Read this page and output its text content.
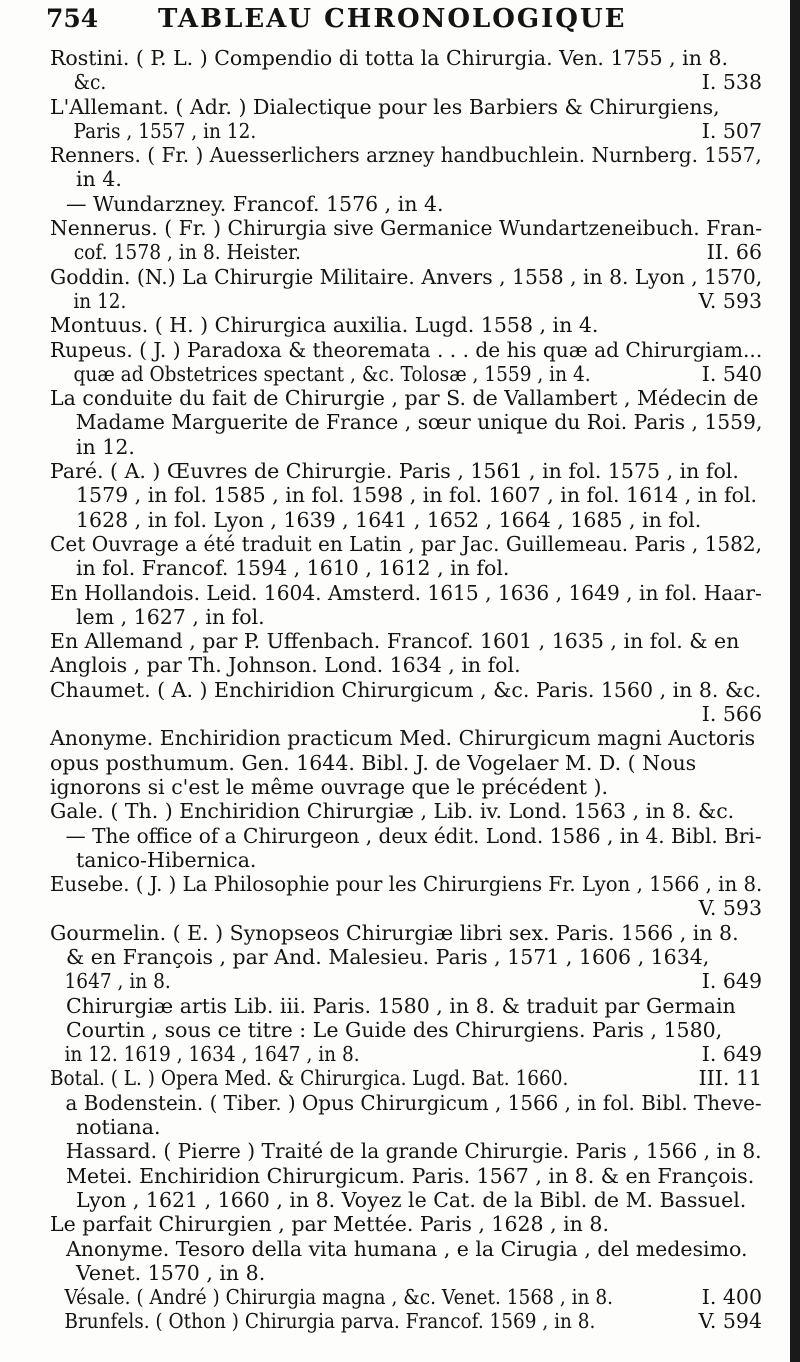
754	TABLEAU CHRONOLOGIQUE
Rostini. ( P. L. ) Compendio di totta la Chirurgia. Ven. 1755 , in 8.
&c.	I. 538
L'Allemant. ( Adr. ) Dialectique pour les Barbiers & Chirurgiens,
Paris , 1557 , in 12.	I. 507
Renners. ( Fr. ) Auesserlichers arzney handbuchlein. Nurnberg. 1557,
in 4.
— Wundarzney. Francof. 1576 , in 4.
Nennerus. ( Fr. ) Chirurgia sive Germanice Wundartzeneibuch. Fran-
cof. 1578 , in 8. Heister.	II. 66
Goddin. (N.) La Chirurgie Militaire. Anvers , 1558 , in 8. Lyon , 1570,
in 12.	V. 593
Montuus. ( H. ) Chirurgica auxilia. Lugd. 1558 , in 4.
Rupeus. ( J. ) Paradoxa & theoremata . . . de his quæ ad Chirurgiam...
quæ ad Obstetrices spectant , &c. Tolosæ , 1559 , in 4.	I. 540
La conduite du fait de Chirurgie , par S. de Vallambert , Médecin de
Madame Marguerite de France , sœur unique du Roi. Paris , 1559,
in 12.
Paré. ( A. ) Œuvres de Chirurgie. Paris , 1561 , in fol. 1575 , in fol.
1579 , in fol. 1585 , in fol. 1598 , in fol. 1607 , in fol. 1614 , in fol.
1628 , in fol. Lyon , 1639 , 1641 , 1652 , 1664 , 1685 , in fol.
Cet Ouvrage a été traduit en Latin , par Jac. Guillemeau. Paris , 1582,
in fol. Francof. 1594 , 1610 , 1612 , in fol.
En Hollandois. Leid. 1604. Amsterd. 1615 , 1636 , 1649 , in fol. Haar-
lem , 1627 , in fol.
En Allemand , par P. Uffenbach. Francof. 1601 , 1635 , in fol. & en
Anglois , par Th. Johnson. Lond. 1634 , in fol.
Chaumet. ( A. ) Enchiridion Chirurgicum , &c. Paris. 1560 , in 8. &c.
I. 566
Anonyme. Enchiridion practicum Med. Chirurgicum magni Auctoris
opus posthumum. Gen. 1644. Bibl. J. de Vogelaer M. D. ( Nous
ignorons si c'est le même ouvrage que le précédent ).
Gale. ( Th. ) Enchiridion Chirurgiæ , Lib. iv. Lond. 1563 , in 8. &c.
— The office of a Chirurgeon , deux édit. Lond. 1586 , in 4. Bibl. Bri-
tanico-Hibernica.
Eusebe. ( J. ) La Philosophie pour les Chirurgiens Fr. Lyon , 1566 , in 8.
V. 593
Gourmelin. ( E. ) Synopseos Chirurgiæ libri sex. Paris. 1566 , in 8.
& en François , par And. Malesieu. Paris , 1571 , 1606 , 1634,
1647 , in 8.	I. 649
Chirurgiæ artis Lib. iii. Paris. 1580 , in 8. & traduit par Germain
Courtin , sous ce titre : Le Guide des Chirurgiens. Paris , 1580,
in 12. 1619 , 1634 , 1647 , in 8.	I. 649
Botal. ( L. ) Opera Med. & Chirurgica. Lugd. Bat. 1660.	III. 11
a Bodenstein. ( Tiber. ) Opus Chirurgicum , 1566 , in fol. Bibl. Theve-
notiana.
Hassard. ( Pierre ) Traité de la grande Chirurgie. Paris , 1566 , in 8.
Metei. Enchiridion Chirurgicum. Paris. 1567 , in 8. & en François.
Lyon , 1621 , 1660 , in 8. Voyez le Cat. de la Bibl. de M. Bassuel.
Le parfait Chirurgien , par Mettée. Paris , 1628 , in 8.
Anonyme. Tesoro della vita humana , e la Cirugia , del medesimo.
Venet. 1570 , in 8.
Vésale. ( André ) Chirurgia magna , &c. Venet. 1568 , in 8.	I. 400
Brunfels. ( Othon ) Chirurgia parva. Francof. 1569 , in 8.	V. 594
